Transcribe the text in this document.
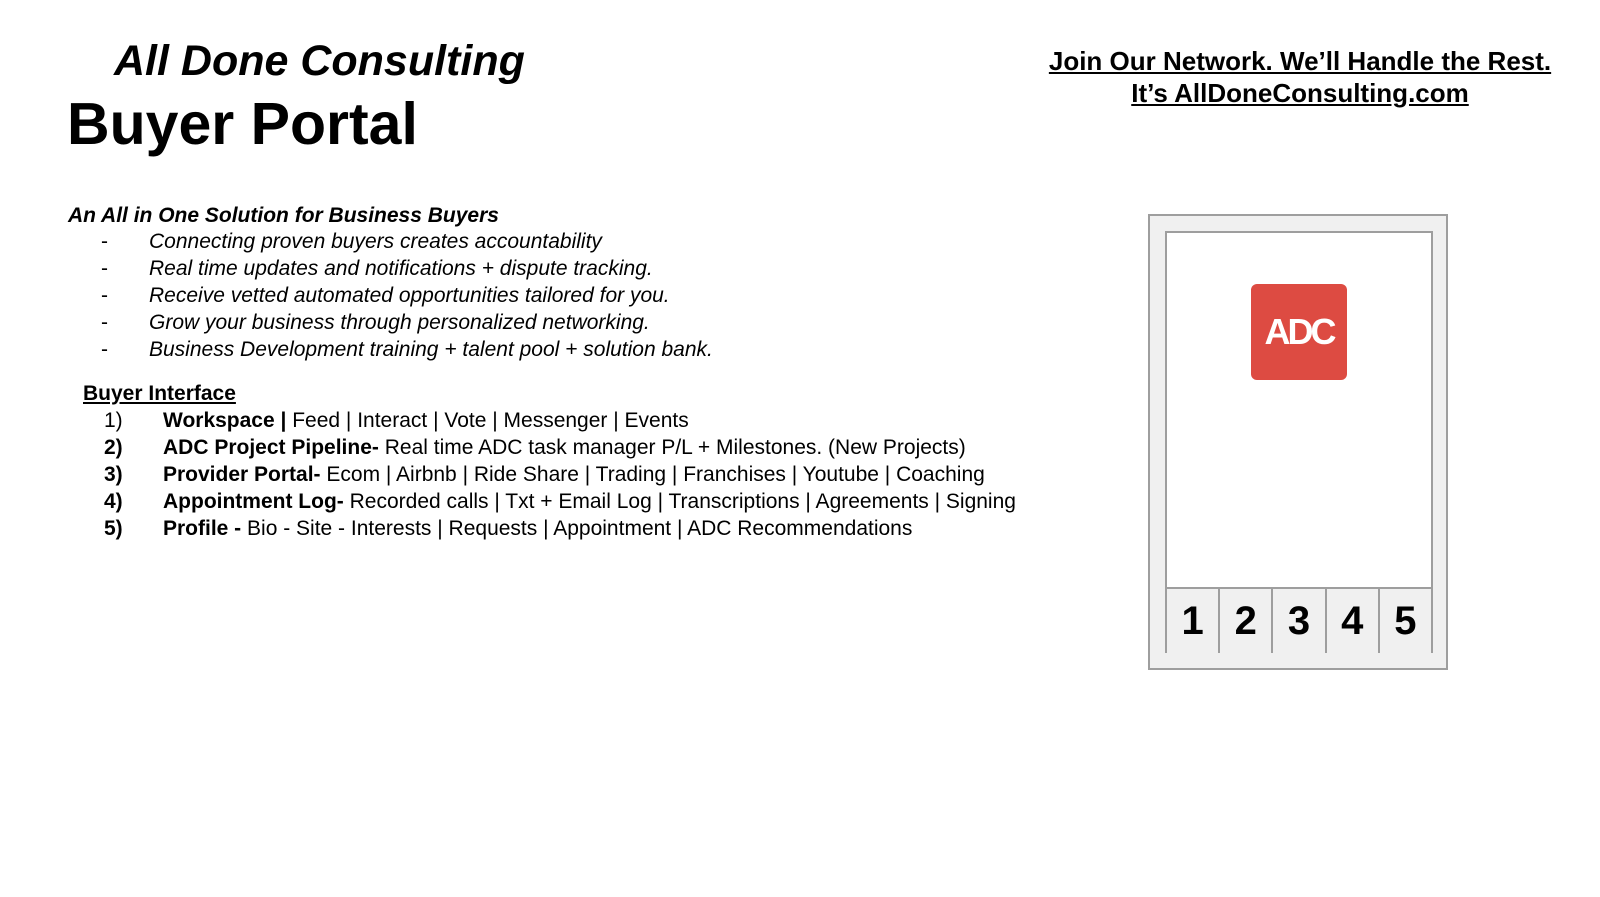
All Done Consulting
Buyer Portal
Join Our Network. We’ll Handle the Rest.
It’s AllDoneConsulting.com
An All in One Solution for Business Buyers
- Connecting proven buyers creates accountability
- Real time updates and notifications + dispute tracking.
- Receive vetted automated opportunities tailored for you.
- Grow your business through personalized networking.
- Business Development training + talent pool + solution bank.
Buyer Interface
1) Workspace | Feed | Interact | Vote | Messenger | Events
2) ADC Project Pipeline- Real time ADC task manager P/L + Milestones. (New Projects)
3) Provider Portal- Ecom | Airbnb | Ride Share | Trading | Franchises | Youtube | Coaching
4) Appointment Log- Recorded calls | Txt + Email Log | Transcriptions | Agreements | Signing
5) Profile - Bio - Site - Interests | Requests | Appointment | ADC Recommendations
ADC
1 2 3 4 5
